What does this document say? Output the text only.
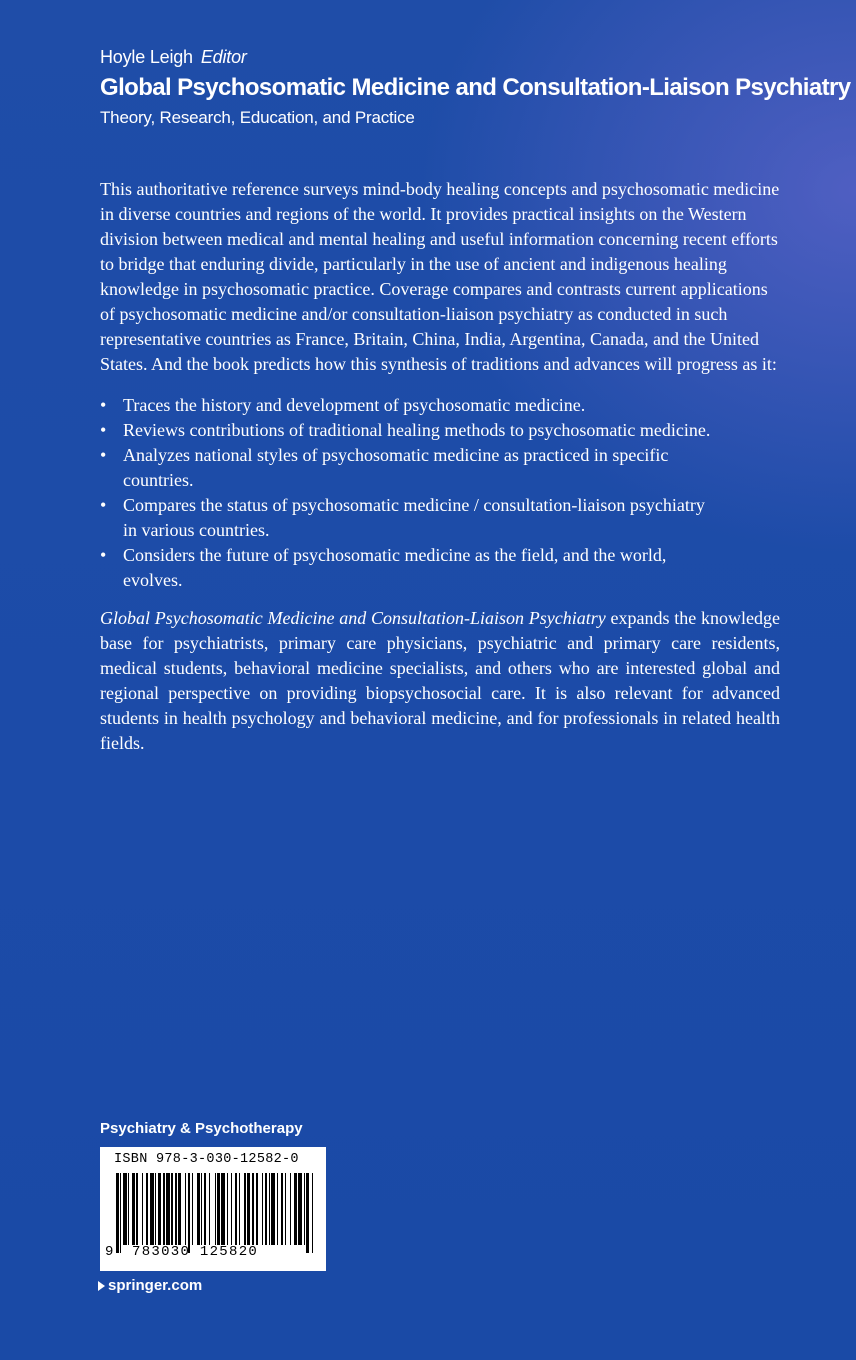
Hoyle Leigh Editor
Global Psychosomatic Medicine and Consultation-Liaison Psychiatry
Theory, Research, Education, and Practice

This authoritative reference surveys mind-body healing concepts and psychosomatic medicine in diverse countries and regions of the world. It provides practical insights on the Western division between medical and mental healing and useful information concerning recent efforts to bridge that enduring divide, particularly in the use of ancient and indigenous healing knowledge in psychosomatic practice. Coverage compares and contrasts current applications of psychosomatic medicine and/or consultation-liaison psychiatry as conducted in such representative countries as France, Britain, China, India, Argentina, Canada, and the United States. And the book predicts how this synthesis of traditions and advances will progress as it:

• Traces the history and development of psychosomatic medicine.
• Reviews contributions of traditional healing methods to psychosomatic medicine.
• Analyzes national styles of psychosomatic medicine as practiced in specific countries.
• Compares the status of psychosomatic medicine / consultation-liaison psychiatry in various countries.
• Considers the future of psychosomatic medicine as the field, and the world, evolves.

Global Psychosomatic Medicine and Consultation-Liaison Psychiatry expands the knowledge base for psychiatrists, primary care physicians, psychiatric and primary care residents, medical students, behavioral medicine specialists, and others who are interested global and regional perspective on providing biopsychosocial care. It is also relevant for advanced students in health psychology and behavioral medicine, and for professionals in related health fields.

Psychiatry & Psychotherapy
ISBN 978-3-030-12582-0
9 783030 125820
springer.com
